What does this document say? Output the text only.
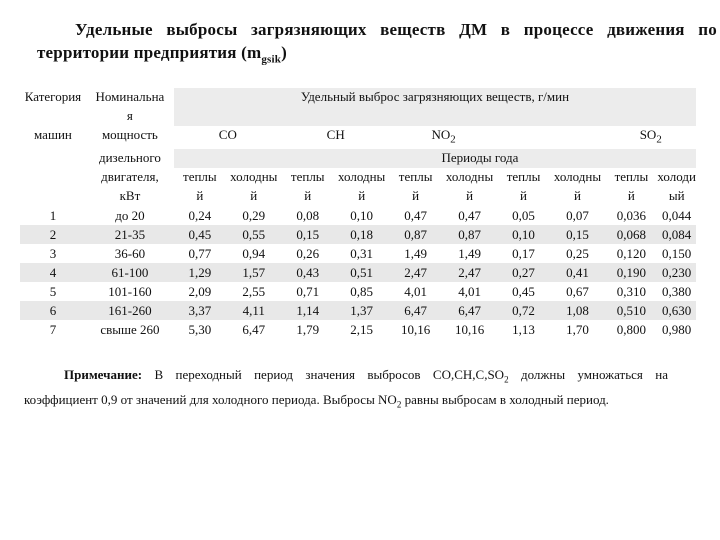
Удельные выбросы загрязняющих веществ ДМ в процессе движения по
территории предприятия $(m_{gsik})$
Категория	Номинальна	Удельный выброс загрязняющих веществ, г/мин									
	я										
машин	мощность	CO		CH		$NO_2$				$SO_2$
	дизельного	Периоды года									
	двигателя,	теплы	холодны	теплы	холодны	теплы	холодны	теплы	холодны	теплы	холоди
	кВт	й	й	й	й	й	й	й	й	й	ый
1	до 20	0,24	0,29	0,08	0,10	0,47	0,47	0,05	0,07	0,036	0,044
2	21-35	0,45	0,55	0,15	0,18	0,87	0,87	0,10	0,15	0,068	0,084
3	36-60	0,77	0,94	0,26	0,31	1,49	1,49	0,17	0,25	0,120	0,150
4	61-100	1,29	1,57	0,43	0,51	2,47	2,47	0,27	0,41	0,190	0,230
5	101-160	2,09	2,55	0,71	0,85	4,01	4,01	0,45	0,67	0,310	0,380
6	161-260	3,37	4,11	1,14	1,37	6,47	6,47	0,72	1,08	0,510	0,630
7	свыше 260	5,30	6,47	1,79	2,15	10,16	10,16	1,13	1,70	0,800	0,980
Примечание: В переходный период значения выбросов $CO,CH,C,SO_2$ должны умножаться на
коэффициент 0,9 от значений для холодного периода. Выбросы $NO_2$ равны выбросам в холодный период.
